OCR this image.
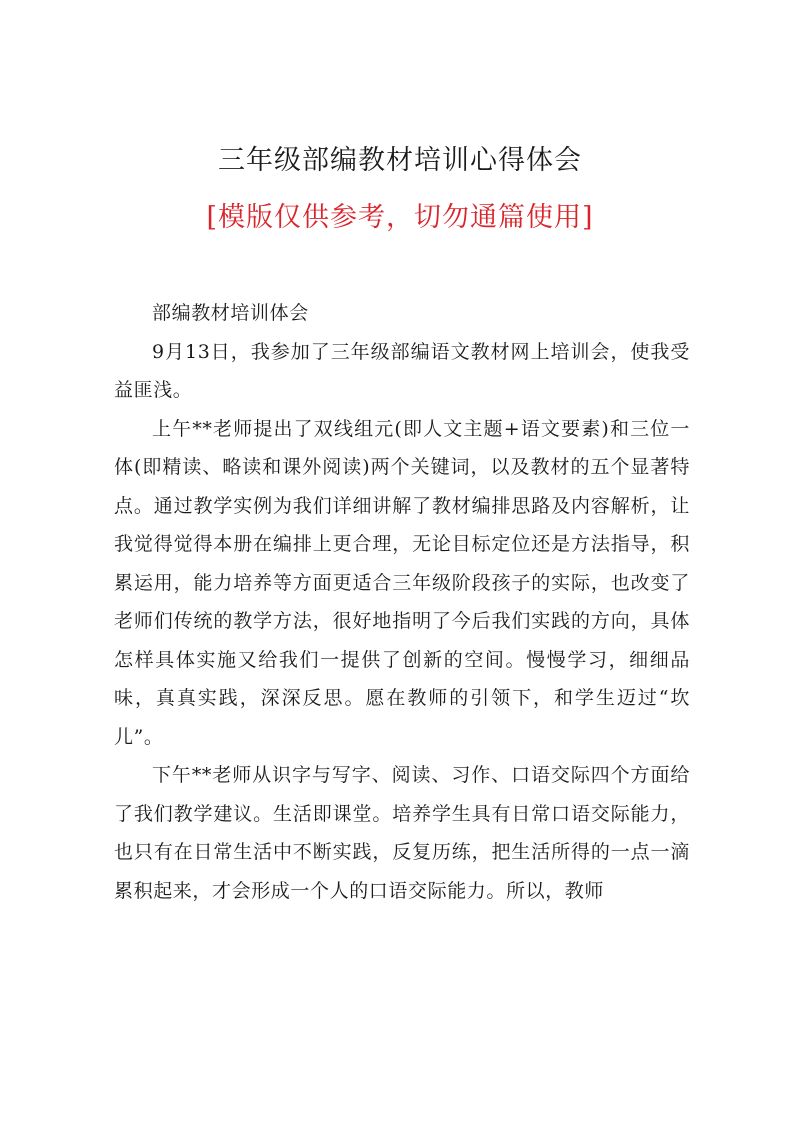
三年级部编教材培训心得体会
[模版仅供参考，切勿通篇使用]

部编教材培训体会

9月13日，我参加了三年级部编语文教材网上培训会，使我受益匪浅。

上午**老师提出了双线组元(即人文主题+语文要素)和三位一体(即精读、略读和课外阅读)两个关键词，以及教材的五个显著特点。通过教学实例为我们详细讲解了教材编排思路及内容解析，让我觉得觉得本册在编排上更合理，无论目标定位还是方法指导，积累运用，能力培养等方面更适合三年级阶段孩子的实际，也改变了老师们传统的教学方法，很好地指明了今后我们实践的方向，具体怎样具体实施又给我们一提供了创新的空间。慢慢学习，细细品味，真真实践，深深反思。愿在教师的引领下，和学生迈过“坎儿”。

下午**老师从识字与写字、阅读、习作、口语交际四个方面给了我们教学建议。生活即课堂。培养学生具有日常口语交际能力，也只有在日常生活中不断实践，反复历练，把生活所得的一点一滴累积起来，才会形成一个人的口语交际能力。所以，教师
